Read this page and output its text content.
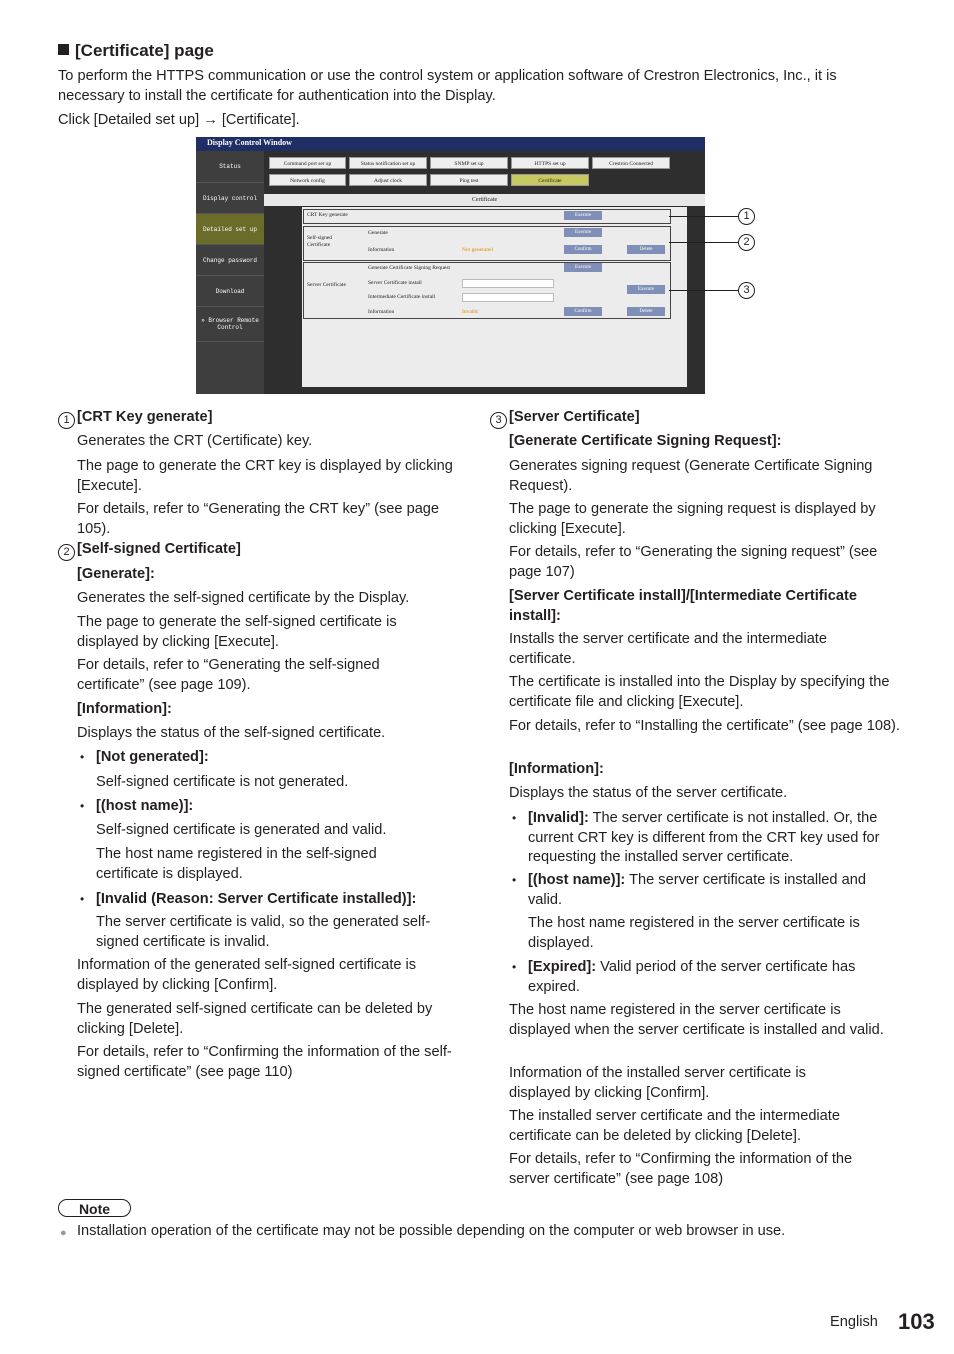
[Certificate] page
To perform the HTTPS communication or use the control system or application software of Crestron Electronics, Inc., it is necessary to install the certificate for authentication into the Display.
Click [Detailed set up] → [Certificate].
Display Control Window
Status
Display control
Detailed set up
Change password
Download
» Browser Remote Control
Command port set up	Status notification set up	SNMP set up	HTTPS set up	Crestron Connected
Network config	Adjust clock	Ping test	Certificate
Certificate
CRT Key generate	Execute
Self-signed Certificate
Generate	Execute
Information	Not generated	Confirm	Delete
Server Certificate
Generate Certificate Signing Request	Execute
Server Certificate install
Intermediate Certificate install
Execute
Information	Invalid	Confirm	Delete
1
2
3
1 [CRT Key generate]
Generates the CRT (Certificate) key.
The page to generate the CRT key is displayed by clicking [Execute].
For details, refer to “Generating the CRT key” (see page 105).
2 [Self-signed Certificate]
[Generate]:
Generates the self-signed certificate by the Display.
The page to generate the self-signed certificate is displayed by clicking [Execute].
For details, refer to “Generating the self-signed certificate” (see page 109).
[Information]:
Displays the status of the self-signed certificate.
• [Not generated]:
Self-signed certificate is not generated.
• [(host name)]:
Self-signed certificate is generated and valid.
The host name registered in the self-signed certificate is displayed.
• [Invalid (Reason: Server Certificate installed)]:
The server certificate is valid, so the generated self-signed certificate is invalid.
Information of the generated self-signed certificate is displayed by clicking [Confirm].
The generated self-signed certificate can be deleted by clicking [Delete].
For details, refer to “Confirming the information of the self-signed certificate” (see page 110)
3 [Server Certificate]
[Generate Certificate Signing Request]:
Generates signing request (Generate Certificate Signing Request).
The page to generate the signing request is displayed by clicking [Execute].
For details, refer to “Generating the signing request” (see page 107)
[Server Certificate install]/[Intermediate Certificate install]:
Installs the server certificate and the intermediate certificate.
The certificate is installed into the Display by specifying the certificate file and clicking [Execute].
For details, refer to “Installing the certificate” (see page 108).
[Information]:
Displays the status of the server certificate.
• [Invalid]: The server certificate is not installed. Or, the current CRT key is different from the CRT key used for requesting the installed server certificate.
• [(host name)]: The server certificate is installed and valid.
The host name registered in the server certificate is displayed.
• [Expired]: Valid period of the server certificate has expired.
The host name registered in the server certificate is displayed when the server certificate is installed and valid.
Information of the installed server certificate is displayed by clicking [Confirm].
The installed server certificate and the intermediate certificate can be deleted by clicking [Delete].
For details, refer to “Confirming the information of the server certificate” (see page 108)
Note
● Installation operation of the certificate may not be possible depending on the computer or web browser in use.
English 103
